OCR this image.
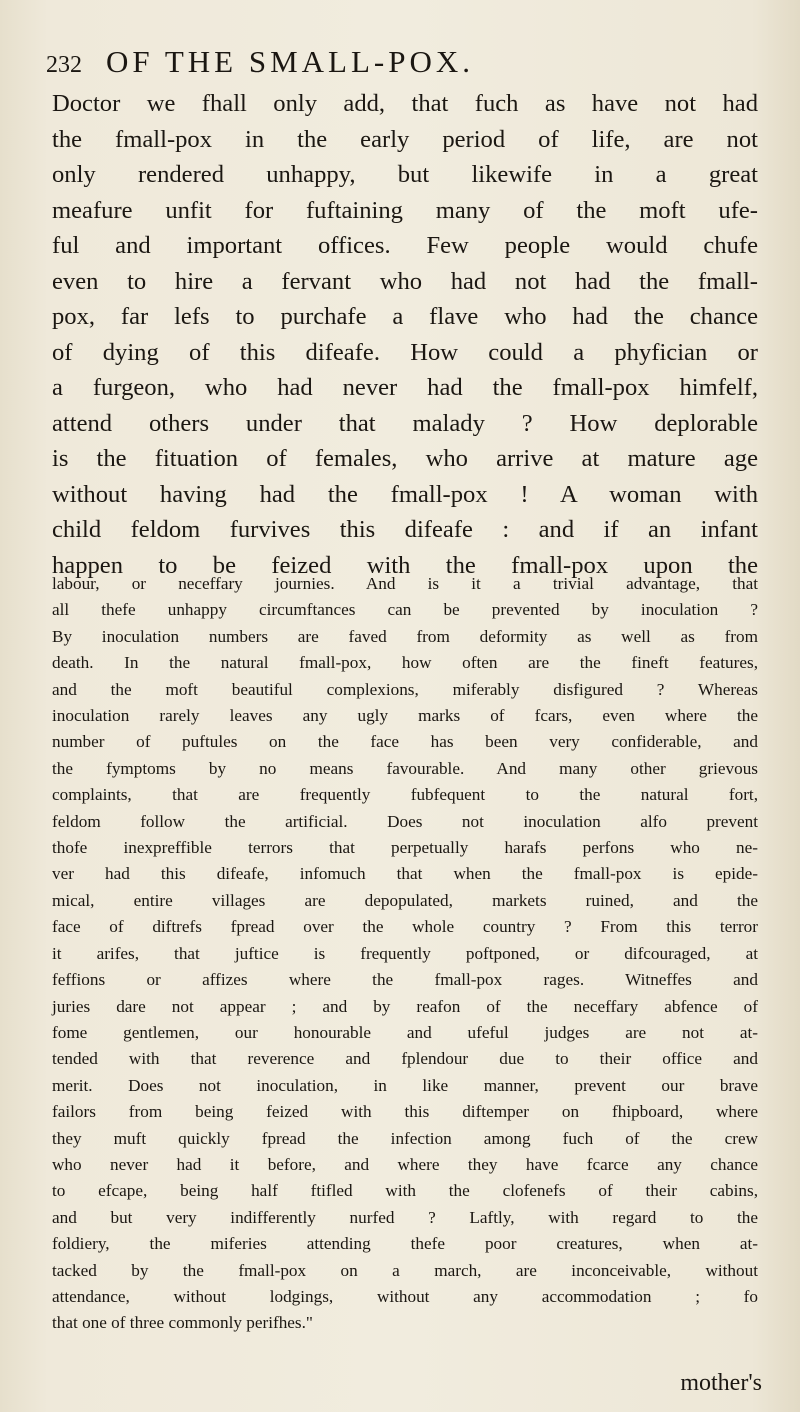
232 OF THE SMALL-POX.
Doctor we fhall only add, that fuch as have not had
the fmall-pox in the early period of life, are not
only rendered unhappy, but likewife in a great
meafure unfit for fuftaining many of the moft ufe-
ful and important offices. Few people would chufe
even to hire a fervant who had not had the fmall-
pox, far lefs to purchafe a flave who had the chance
of dying of this difeafe. How could a phyfician or
a furgeon, who had never had the fmall-pox himfelf,
attend others under that malady ? How deplorable
is the fituation of females, who arrive at mature age
without having had the fmall-pox ! A woman with
child feldom furvives this difeafe : and if an infant
happen to be feized with the fmall-pox upon the
labour, or neceffary journies. And is it a trivial advantage, that
all thefe unhappy circumftances can be prevented by inoculation ?
By inoculation numbers are faved from deformity as well as from
death. In the natural fmall-pox, how often are the fineft features,
and the moft beautiful complexions, miferably disfigured ? Whereas
inoculation rarely leaves any ugly marks of fcars, even where the
number of puftules on the face has been very confiderable, and
the fymptoms by no means favourable. And many other grievous
complaints, that are frequently fubfequent to the natural fort,
feldom follow the artificial. Does not inoculation alfo prevent
thofe inexpreffible terrors that perpetually harafs perfons who ne-
ver had this difeafe, infomuch that when the fmall-pox is epide-
mical, entire villages are depopulated, markets ruined, and the
face of diftrefs fpread over the whole country ? From this terror
it arifes, that juftice is frequently poftponed, or difcouraged, at
feffions or affizes where the fmall-pox rages. Witneffes and
juries dare not appear ; and by reafon of the neceffary abfence of
fome gentlemen, our honourable and ufeful judges are not at-
tended with that reverence and fplendour due to their office and
merit. Does not inoculation, in like manner, prevent our brave
failors from being feized with this diftemper on fhipboard, where
they muft quickly fpread the infection among fuch of the crew
who never had it before, and where they have fcarce any chance
to efcape, being half ftifled with the clofenefs of their cabins,
and but very indifferently nurfed ? Laftly, with regard to the
foldiery, the miferies attending thefe poor creatures, when at-
tacked by the fmall-pox on a march, are inconceivable, without
attendance, without lodgings, without any accommodation ; fo
that one of three commonly perifhes."
mother's
